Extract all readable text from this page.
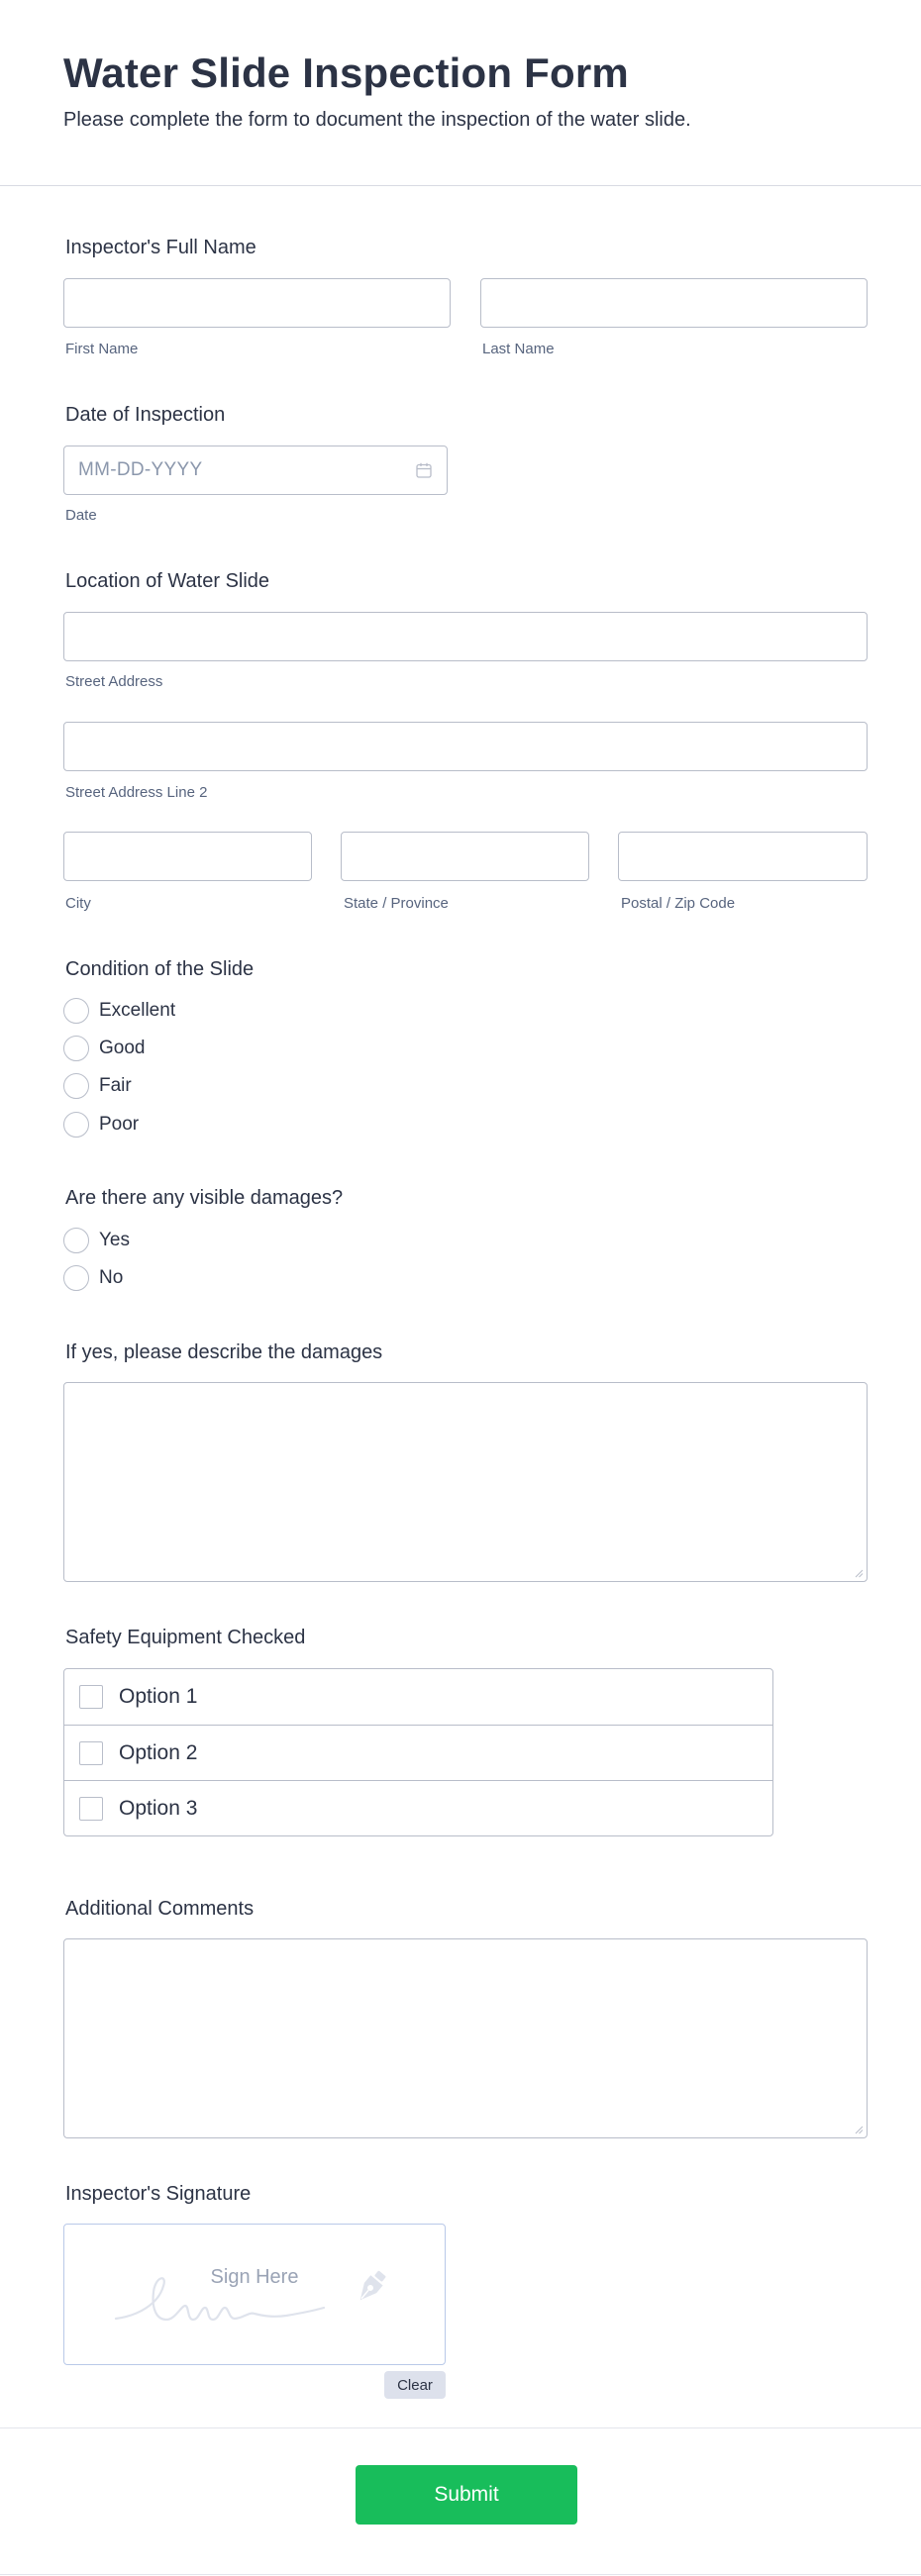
Water Slide Inspection Form
Please complete the form to document the inspection of the water slide.
Inspector's Full Name
First Name	Last Name
Date of Inspection
MM-DD-YYYY
Date
Location of Water Slide
Street Address
Street Address Line 2
City	State / Province	Postal / Zip Code
Condition of the Slide
Excellent
Good
Fair
Poor
Are there any visible damages?
Yes
No
If yes, please describe the damages
Safety Equipment Checked
Option 1
Option 2
Option 3
Additional Comments
Inspector's Signature
Sign Here
Clear
Submit
